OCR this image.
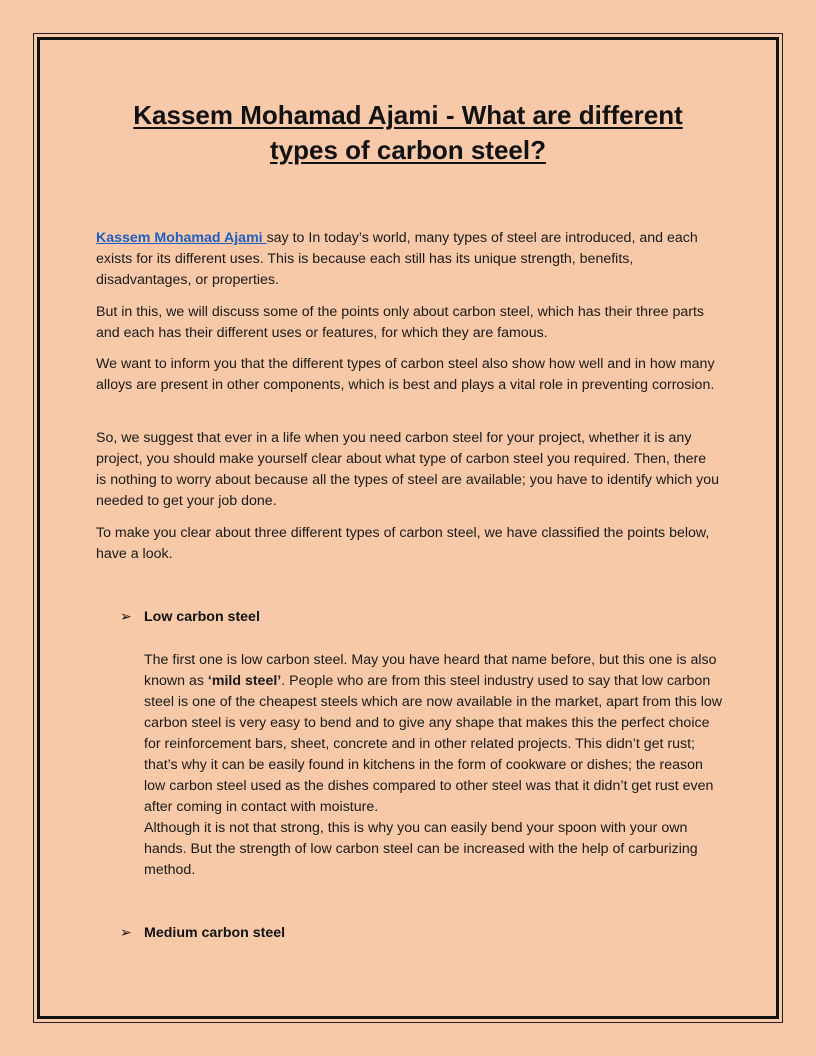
Kassem Mohamad Ajami - What are different types of carbon steel?

Kassem Mohamad Ajami say to In today’s world, many types of steel are introduced, and each exists for its different uses. This is because each still has its unique strength, benefits, disadvantages, or properties.

But in this, we will discuss some of the points only about carbon steel, which has their three parts and each has their different uses or features, for which they are famous.

We want to inform you that the different types of carbon steel also show how well and in how many alloys are present in other components, which is best and plays a vital role in preventing corrosion.

So, we suggest that ever in a life when you need carbon steel for your project, whether it is any project, you should make yourself clear about what type of carbon steel you required. Then, there is nothing to worry about because all the types of steel are available; you have to identify which you needed to get your job done.

To make you clear about three different types of carbon steel, we have classified the points below, have a look.

➢ Low carbon steel

The first one is low carbon steel. May you have heard that name before, but this one is also known as ‘mild steel’. People who are from this steel industry used to say that low carbon steel is one of the cheapest steels which are now available in the market, apart from this low carbon steel is very easy to bend and to give any shape that makes this the perfect choice for reinforcement bars, sheet, concrete and in other related projects. This didn’t get rust; that’s why it can be easily found in kitchens in the form of cookware or dishes; the reason low carbon steel used as the dishes compared to other steel was that it didn’t get rust even after coming in contact with moisture.

Although it is not that strong, this is why you can easily bend your spoon with your own hands. But the strength of low carbon steel can be increased with the help of carburizing method.

➢ Medium carbon steel
